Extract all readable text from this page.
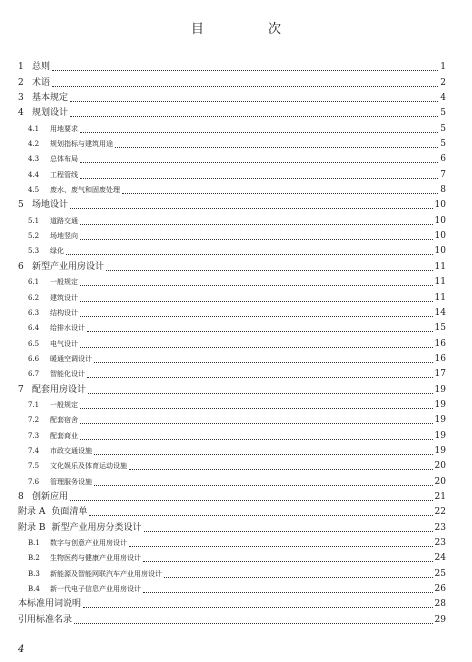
目 次
1 总则	1
2 术语	2
3 基本规定	4
4 规划设计	5
4.1	用地要求	5
4.2	规划指标与建筑用途	5
4.3	总体布局	6
4.4	工程管线	7
4.5	废水、废气和固废处理	8
5 场地设计	10
5.1	道路交通	10
5.2	场地竖向	10
5.3	绿化	10
6 新型产业用房设计	11
6.1	一般规定	11
6.2	建筑设计	11
6.3	结构设计	14
6.4	给排水设计	15
6.5	电气设计	16
6.6	暖通空调设计	16
6.7	智能化设计	17
7 配套用房设计	19
7.1	一般规定	19
7.2	配套宿舍	19
7.3	配套商业	19
7.4	市政交通设施	19
7.5	文化娱乐及体育运动设施	20
7.6	管理服务设施	20
8 创新应用	21
附录 A 负面清单	22
附录 B 新型产业用房分类设计	23
B.1	数字与创意产业用房设计	23
B.2	生物医药与健康产业用房设计	24
B.3	新能源及智能网联汽车产业用房设计	25
B.4	新一代电子信息产业用房设计	26
本标准用词说明	28
引用标准名录	29
4
